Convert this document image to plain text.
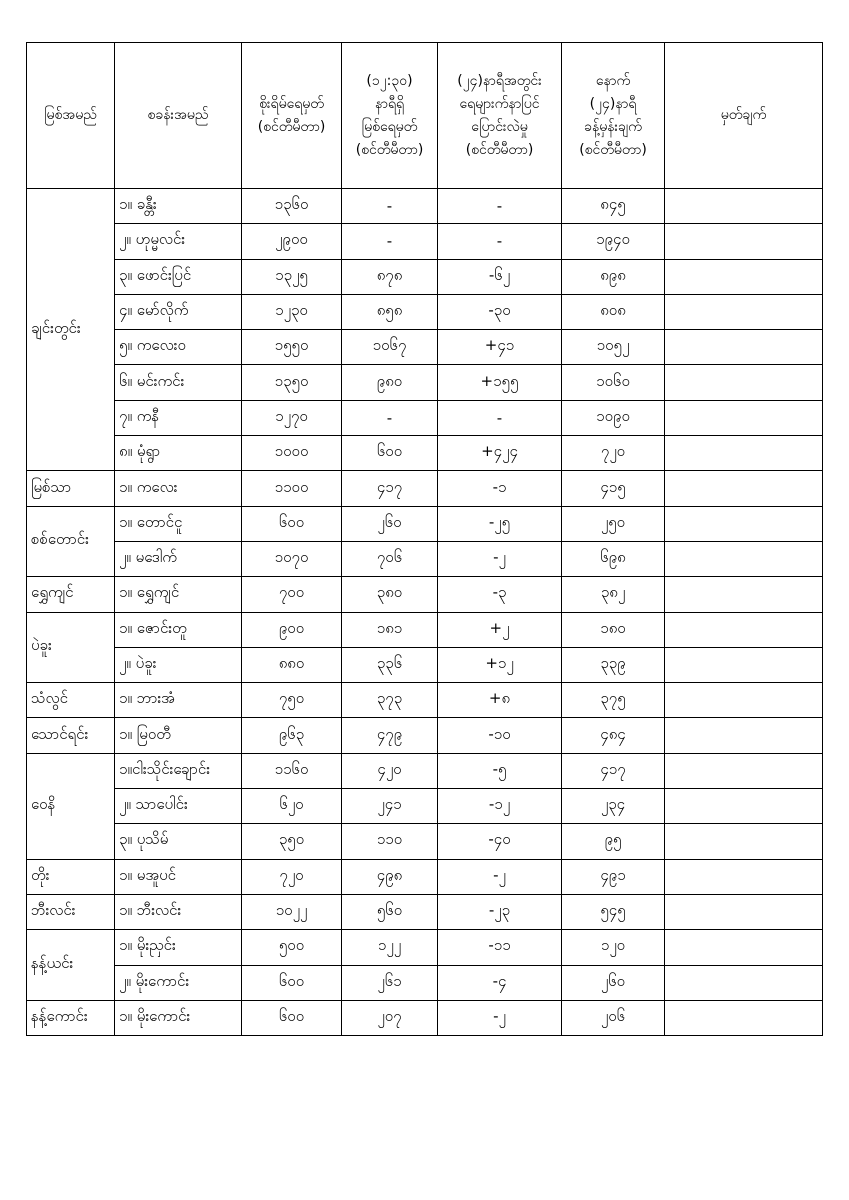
မြစ်အမည်	စခန်းအမည်	စိုးရိမ်ရေမှတ်
(စင်တီမီတာ)	(၁၂:၃၀)
နာရီရှိ
မြစ်ရေမှတ်
(စင်တီမီတာ)	(၂၄)နာရီအတွင်း
ရေများက်နာပြင်
ပြောင်းလဲမှု
(စင်တီမီတာ)	နောက်
(၂၄)နာရီ
ခန့်မှန်းချက်
(စင်တီမီတာ)	မှတ်ချက်
ချင်းတွင်း	၁။ ခန္တီး	၁၃၆၀	-	-	၈၄၅	
	၂။ ဟုမ္မလင်း	၂၉၀၀	-	-	၁၉၄၀	
	၃။ ဖောင်းပြင်	၁၃၂၅	၈၇၈	-၆၂	၈၉၈	
	၄။ မော်လိုက်	၁၂၃၀	၈၅၈	-၃၀	၈၀၈	
	၅။ ကလေးဝ	၁၅၅၀	၁၀၆၇	+၄၁	၁၀၅၂	
	၆။ မင်းကင်း	၁၃၅၀	၉၈၀	+၁၅၅	၁၀၆၀	
	၇။ ကနီ	၁၂၇၀	-	-	၁၀၉၀	
	၈။ မုံရွာ	၁၀၀၀	၆၀၀	+၄၂၄	၇၂၀	
မြစ်သာ	၁။ ကလေး	၁၁၀၀	၄၁၇	-၁	၄၁၅	
စစ်တောင်း	၁။ တောင်ငူ	၆၀၀	၂၆၀	-၂၅	၂၅၀	
	၂။ မဒေါက်	၁၀၇၀	၇၀၆	-၂	၆၉၈	
ရွှေကျင်	၁။ ရွှေကျင်	၇၀၀	၃၈၀	-၃	၃၈၂	
ပဲခူး	၁။ ဇောင်းတူ	၉၀၀	၁၈၁	+၂	၁၈၀	
	၂။ ပဲခူး	၈၈၀	၃၃၆	+၁၂	၃၃၉	
သံလွင်	၁။ ဘားအံ	၇၅၀	၃၇၃	+၈	၃၇၅	
သောင်ရင်း	၁။ မြဝတီ	၉၆၃	၄၇၉	-၁၀	၄၈၄	
ဝေနိ	၁။ငါးသိုင်းချောင်း	၁၁၆၀	၄၂၀	-၅	၄၁၇	
	၂။ သာပေါင်း	၆၂၀	၂၄၁	-၁၂	၂၃၄	
	၃။ ပုသိမ်	၃၅၀	၁၁၀	-၄၀	၉၅	
တိုး	၁။ မအူပင်	၇၂၀	၄၉၈	-၂	၄၉၁	
ဘီးလင်း	၁။ ဘီးလင်း	၁၀၂၂	၅၆၀	-၂၃	၅၄၅	
နန့်ယင်း	၁။ မိုးညှင်း	၅၀၀	၁၂၂	-၁၁	၁၂၀	
	၂။ မိုးကောင်း	၆၀၀	၂၆၁	-၄	၂၆၀	
နန့်ကောင်း	၁။ မိုးကောင်း	၆၀၀	၂၀၇	-၂	၂၀၆	
